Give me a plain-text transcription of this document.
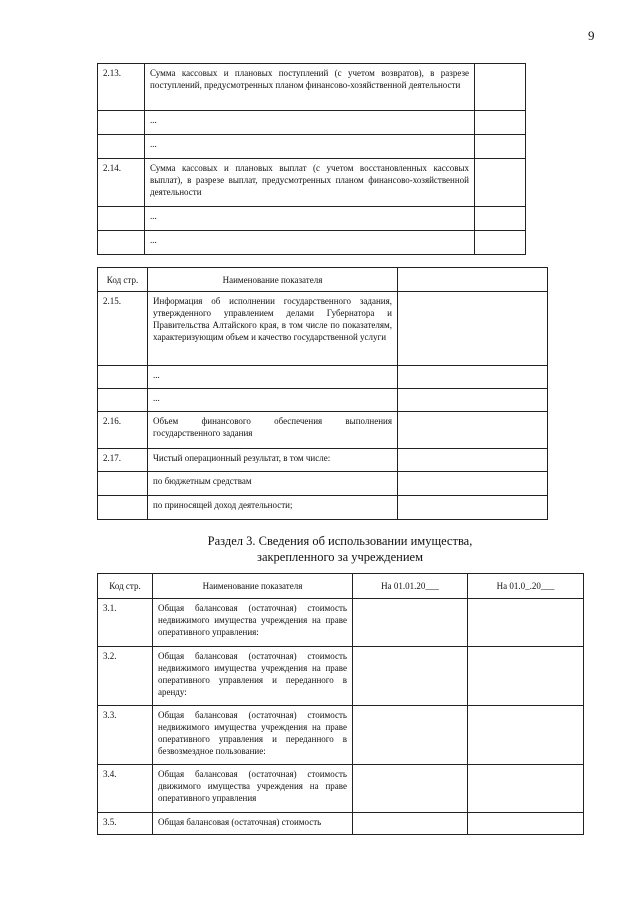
9
2.13.	Сумма кассовых и плановых поступлений (с учетом возвратов), в разрезе поступлений, предусмотренных планом финансово-хозяйственной деятельности	
	...	
	...	
2.14.	Сумма кассовых и плановых выплат (с учетом восстановленных кассовых выплат), в разрезе выплат, предусмотренных планом финансово-хозяйственной деятельности	
	...	
	...	
Код стр.	Наименование показателя	
2.15.	Информация об исполнении государственного задания, утвержденного управлением делами Губернатора и Правительства Алтайского края, в том числе по показателям, характеризующим объем и качество государственной услуги	
	...	
	...	
2.16.	Объем финансового обеспечения выполнения государственного задания	
2.17.	Чистый операционный результат, в том числе:	
	по бюджетным средствам	
	по приносящей доход деятельности;	
Раздел 3. Сведения об использовании имущества,
закрепленного за учреждением
Код стр.	Наименование показателя	На 01.01.20___	На 01.0_.20___
3.1.	Общая балансовая (остаточная) стоимость недвижимого имущества учреждения на праве оперативного управления:		
3.2.	Общая балансовая (остаточная) стоимость недвижимого имущества учреждения на праве оперативного управления и переданного в аренду:		
3.3.	Общая балансовая (остаточная) стоимость недвижимого имущества учреждения на праве оперативного управления и переданного в безвозмездное пользование:		
3.4.	Общая балансовая (остаточная) стоимость движимого имущества учреждения на праве оперативного управления		
3.5.	Общая балансовая (остаточная) стоимость		
